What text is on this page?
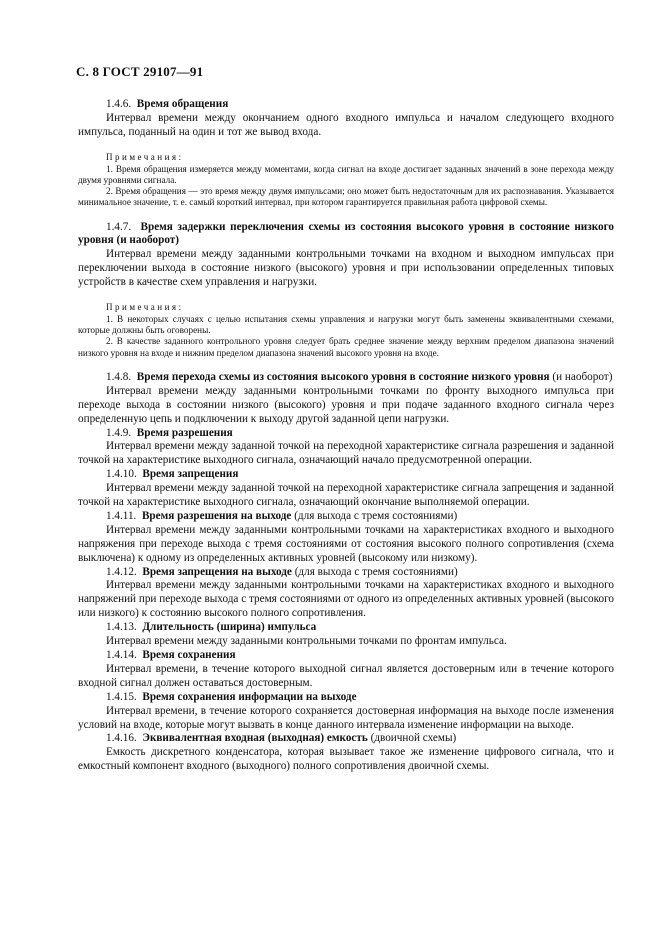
С. 8 ГОСТ 29107—91

1.4.6. Время обращения

Интервал времени между окончанием одного входного импульса и началом следующего входного импульса, поданный на один и тот же вывод входа.

Примечания:

1. Время обращения измеряется между моментами, когда сигнал на входе достигает заданных значений в зоне перехода между двумя уровнями сигнала.

2. Время обращения — это время между двумя импульсами; оно может быть недостаточным для их распознавания. Указывается минимальное значение, т. е. самый короткий интервал, при котором гарантируется правильная работа цифровой схемы.

1.4.7. Время задержки переключения схемы из состояния высокого уровня в состояние низкого уровня (и наоборот)

Интервал времени между заданными контрольными точками на входном и выходном импульсах при переключении выхода в состояние низкого (высокого) уровня и при использовании определенных типовых устройств в качестве схем управления и нагрузки.

Примечания:

1. В некоторых случаях с целью испытания схемы управления и нагрузки могут быть заменены эквивалентными схемами, которые должны быть оговорены.

2. В качестве заданного контрольного уровня следует брать среднее значение между верхним пределом диапазона значений низкого уровня на входе и нижним пределом диапазона значений высокого уровня на входе.

1.4.8. Время перехода схемы из состояния высокого уровня в состояние низкого уровня (и наоборот)

Интервал времени между заданными контрольными точками по фронту выходного импульса при переходе выхода в состоянии низкого (высокого) уровня и при подаче заданного входного сигнала через определенную цепь и подключении к выходу другой заданной цепи нагрузки.

1.4.9. Время разрешения

Интервал времени между заданной точкой на переходной характеристике сигнала разрешения и заданной точкой на характеристике выходного сигнала, означающий начало предусмотренной операции.

1.4.10. Время запрещения

Интервал времени между заданной точкой на переходной характеристике сигнала запрещения и заданной точкой на характеристике выходного сигнала, означающий окончание выполняемой операции.

1.4.11. Время разрешения на выходе (для выхода с тремя состояниями)

Интервал времени между заданными контрольными точками на характеристиках входного и выходного напряжения при переходе выхода с тремя состояниями от состояния высокого полного сопротивления (схема выключена) к одному из определенных активных уровней (высокому или низкому).

1.4.12. Время запрещения на выходе (для выхода с тремя состояниями)

Интервал времени между заданными контрольными точками на характеристиках входного и выходного напряжений при переходе выхода с тремя состояниями от одного из определенных активных уровней (высокого или низкого) к состоянию высокого полного сопротивления.

1.4.13. Длительность (ширина) импульса

Интервал времени между заданными контрольными точками по фронтам импульса.

1.4.14. Время сохранения

Интервал времени, в течение которого выходной сигнал является достоверным или в течение которого входной сигнал должен оставаться достоверным.

1.4.15. Время сохранения информации на выходе

Интервал времени, в течение которого сохраняется достоверная информация на выходе после изменения условий на входе, которые могут вызвать в конце данного интервала изменение информации на выходе.

1.4.16. Эквивалентная входная (выходная) емкость (двоичной схемы)

Емкость дискретного конденсатора, которая вызывает такое же изменение цифрового сигнала, что и емкостный компонент входного (выходного) полного сопротивления двоичной схемы.
